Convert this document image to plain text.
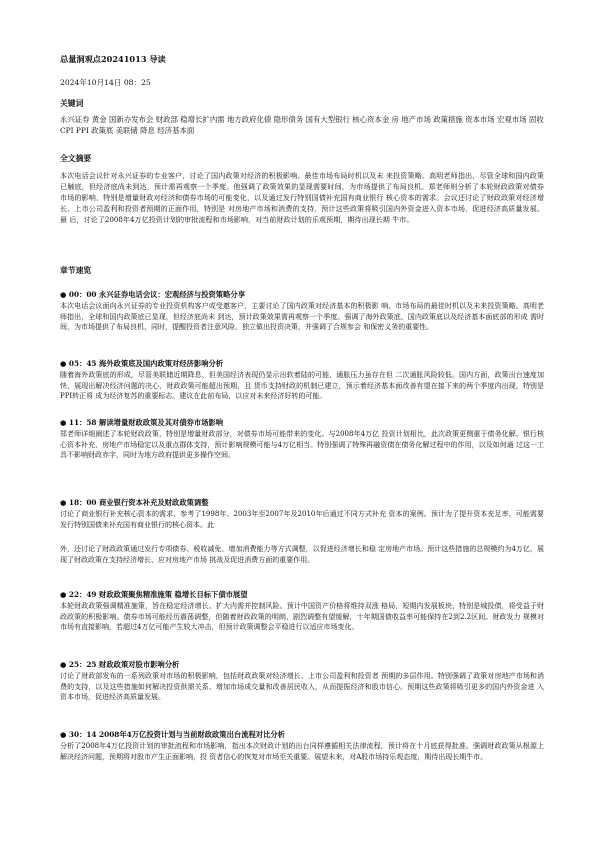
总量洞观点20241013 导读
2024年10月14日 08：25
关键词
永兴证券 黄金 国新办发布会 财政部 稳增长扩内需 地方政府化债 隐形债务 国有大型银行 核心资本金 房 地产市场 政策措施 资本市场 宏观市场 固收 CPI PPI 政策底 美联储 降息 经济基本面
全文摘要
本次电话会议针对永兴证券的专业客户，讨论了国内政策对经济的积极影响、最佳市场布局时机以及未 来投资策略。高明老师指出，尽管全球和国内政策已触底，但经济底尚未到达，预计需再观察一个季度。他强调了政策效果的显现需要时间，为市场提供了布局良机。郑老师则分析了本轮财政政策对债券 市场的影响，特别是增量财政对经济和债券市场的可能变化，以及通过发行特别国债补充国有商业银行 核心资本的需求。会议还讨论了财政政策对经济增长、上市公司盈利和投资者预期的正面作用，特别是 对房地产市场和消费的支持，预计这些政策将吸引国内外资金进入资本市场，促进经济高质量发展。最 后，讨论了2008年4万亿投资计划的审批流程和市场影响，对当前财政计划的乐观预期，期待出现长期 牛市。
章节速览
● 00：00 永兴证券电话会议：宏观经济与投资策略分享

本次电话会议面向永兴证券的专业投资机构客户或受邀客户，主要讨论了国内政策对经济基本的积极影 响、市场布局的最佳时机以及未来投资策略。高明老师指出，全球和国内政策底已显现，但经济底尚未 到达，预计政策效果需再观察一个季度。强调了海外政策底、国内政策底以及经济基本面底部的形成 需时间，为市场提供了布局良机，同时，提醒投资者注意风险，独立做出投资决策，并强调了合规参会 和保密义务的重要性。

● 05：45 海外政策底及国内政策对经济影响分析

随着海外政策底的形成，尽管美联储近期降息，但美国经济表现仍显示出软着陆的可能，通胀压力虽存在但 二次通胀风险较低。国内方面，政策出台速度加快，展现出解决经济问题的决心，财政政策可能超出预期，且 货币支持财政的机制已建立，预示着经济基本面改善有望在接下来的两个季度内出现，特别是PPI转正将 成为经济复苏的重要标志。建议在此前布局，以应对未来经济好转的可能。

● 11：58 解读增量财政政策及其对债券市场影响

郑老师详细阐述了本轮财政政策，特别是增量财政部分，对债券市场可能带来的变化。与2008年4万亿 投资计划相比，此次政策更侧重于债务化解、银行核心资本补充、房地产市场稳定以及重点群体支持，预计影响规模可能与4万亿相当。特别强调了特殊再融资债在债务化解过程中的作用，以及如何通 过这一工具不影响财政赤字，同时为地方政府提供更多操作空间。

● 18：00 商业银行资本补充及财政政策调整

讨论了商业银行补充核心资本的需求，参考了1998年、2003年至2007年及2010年后通过不同方式补充 资本的案例。预计为了提升资本充足率，可能需要发行特别国债来补充国有商业银行的核心资本。此

外，还讨论了财政政策通过发行专项债券、税收减免、增加消费能力等方式调整，以促进经济增长和稳 定房地产市场。预计这些措施的总规模约为4万亿，展现了财政政策在支持经济增长、应对房地产市场 挑战及促进消费方面的重要作用。

● 22：49 财政政策聚焦精准施策 稳增长目标下债市展望

本轮财政政策强调精准施策，旨在稳定经济增长、扩大内需并控制风险。预计中国资产价格将维持双涨 格局，短期内发展板块，特别是城投债，将受益于财政政策的积极影响。债券市场可能经历震荡调整，但随着财政政策的明朗，剧烈调整有望缓解，十年期国债收益率可能保持在2到2.2区间。财政发力 规模对市场有直接影响，若超过4万亿可能产生较大冲击，但预计政策调整会平稳进行以适应市场变化。

● 25：25 财政政策对股市影响分析

讨论了财政部发布的一系列政策对市场的积极影响，包括财政政策对经济增长、上市公司盈利和投资者 预期的多层作用。特别强调了政策对房地产市场和消费的支持，以及这些措施如何解决投资供需关系、增加市场成交量和改善居民收入，从而提振经济和股市信心。预期这些政策将吸引更多的国内外资金进 入资本市场，促进经济高质量发展。

● 30：14 2008年4万亿投资计划与当前财政政策出台流程对比分析

分析了2008年4万亿投资计划的审批流程和市场影响，指出本次财政计划的出台同样遵循相关法律流程，预计将在十月底获得批准。强调财政政策从根源上解决经济问题，预期将对股市产生正面影响，投 资者信心的恢复对市场至关重要。展望未来，对A股市场持乐观态度，期待出现长期牛市。
